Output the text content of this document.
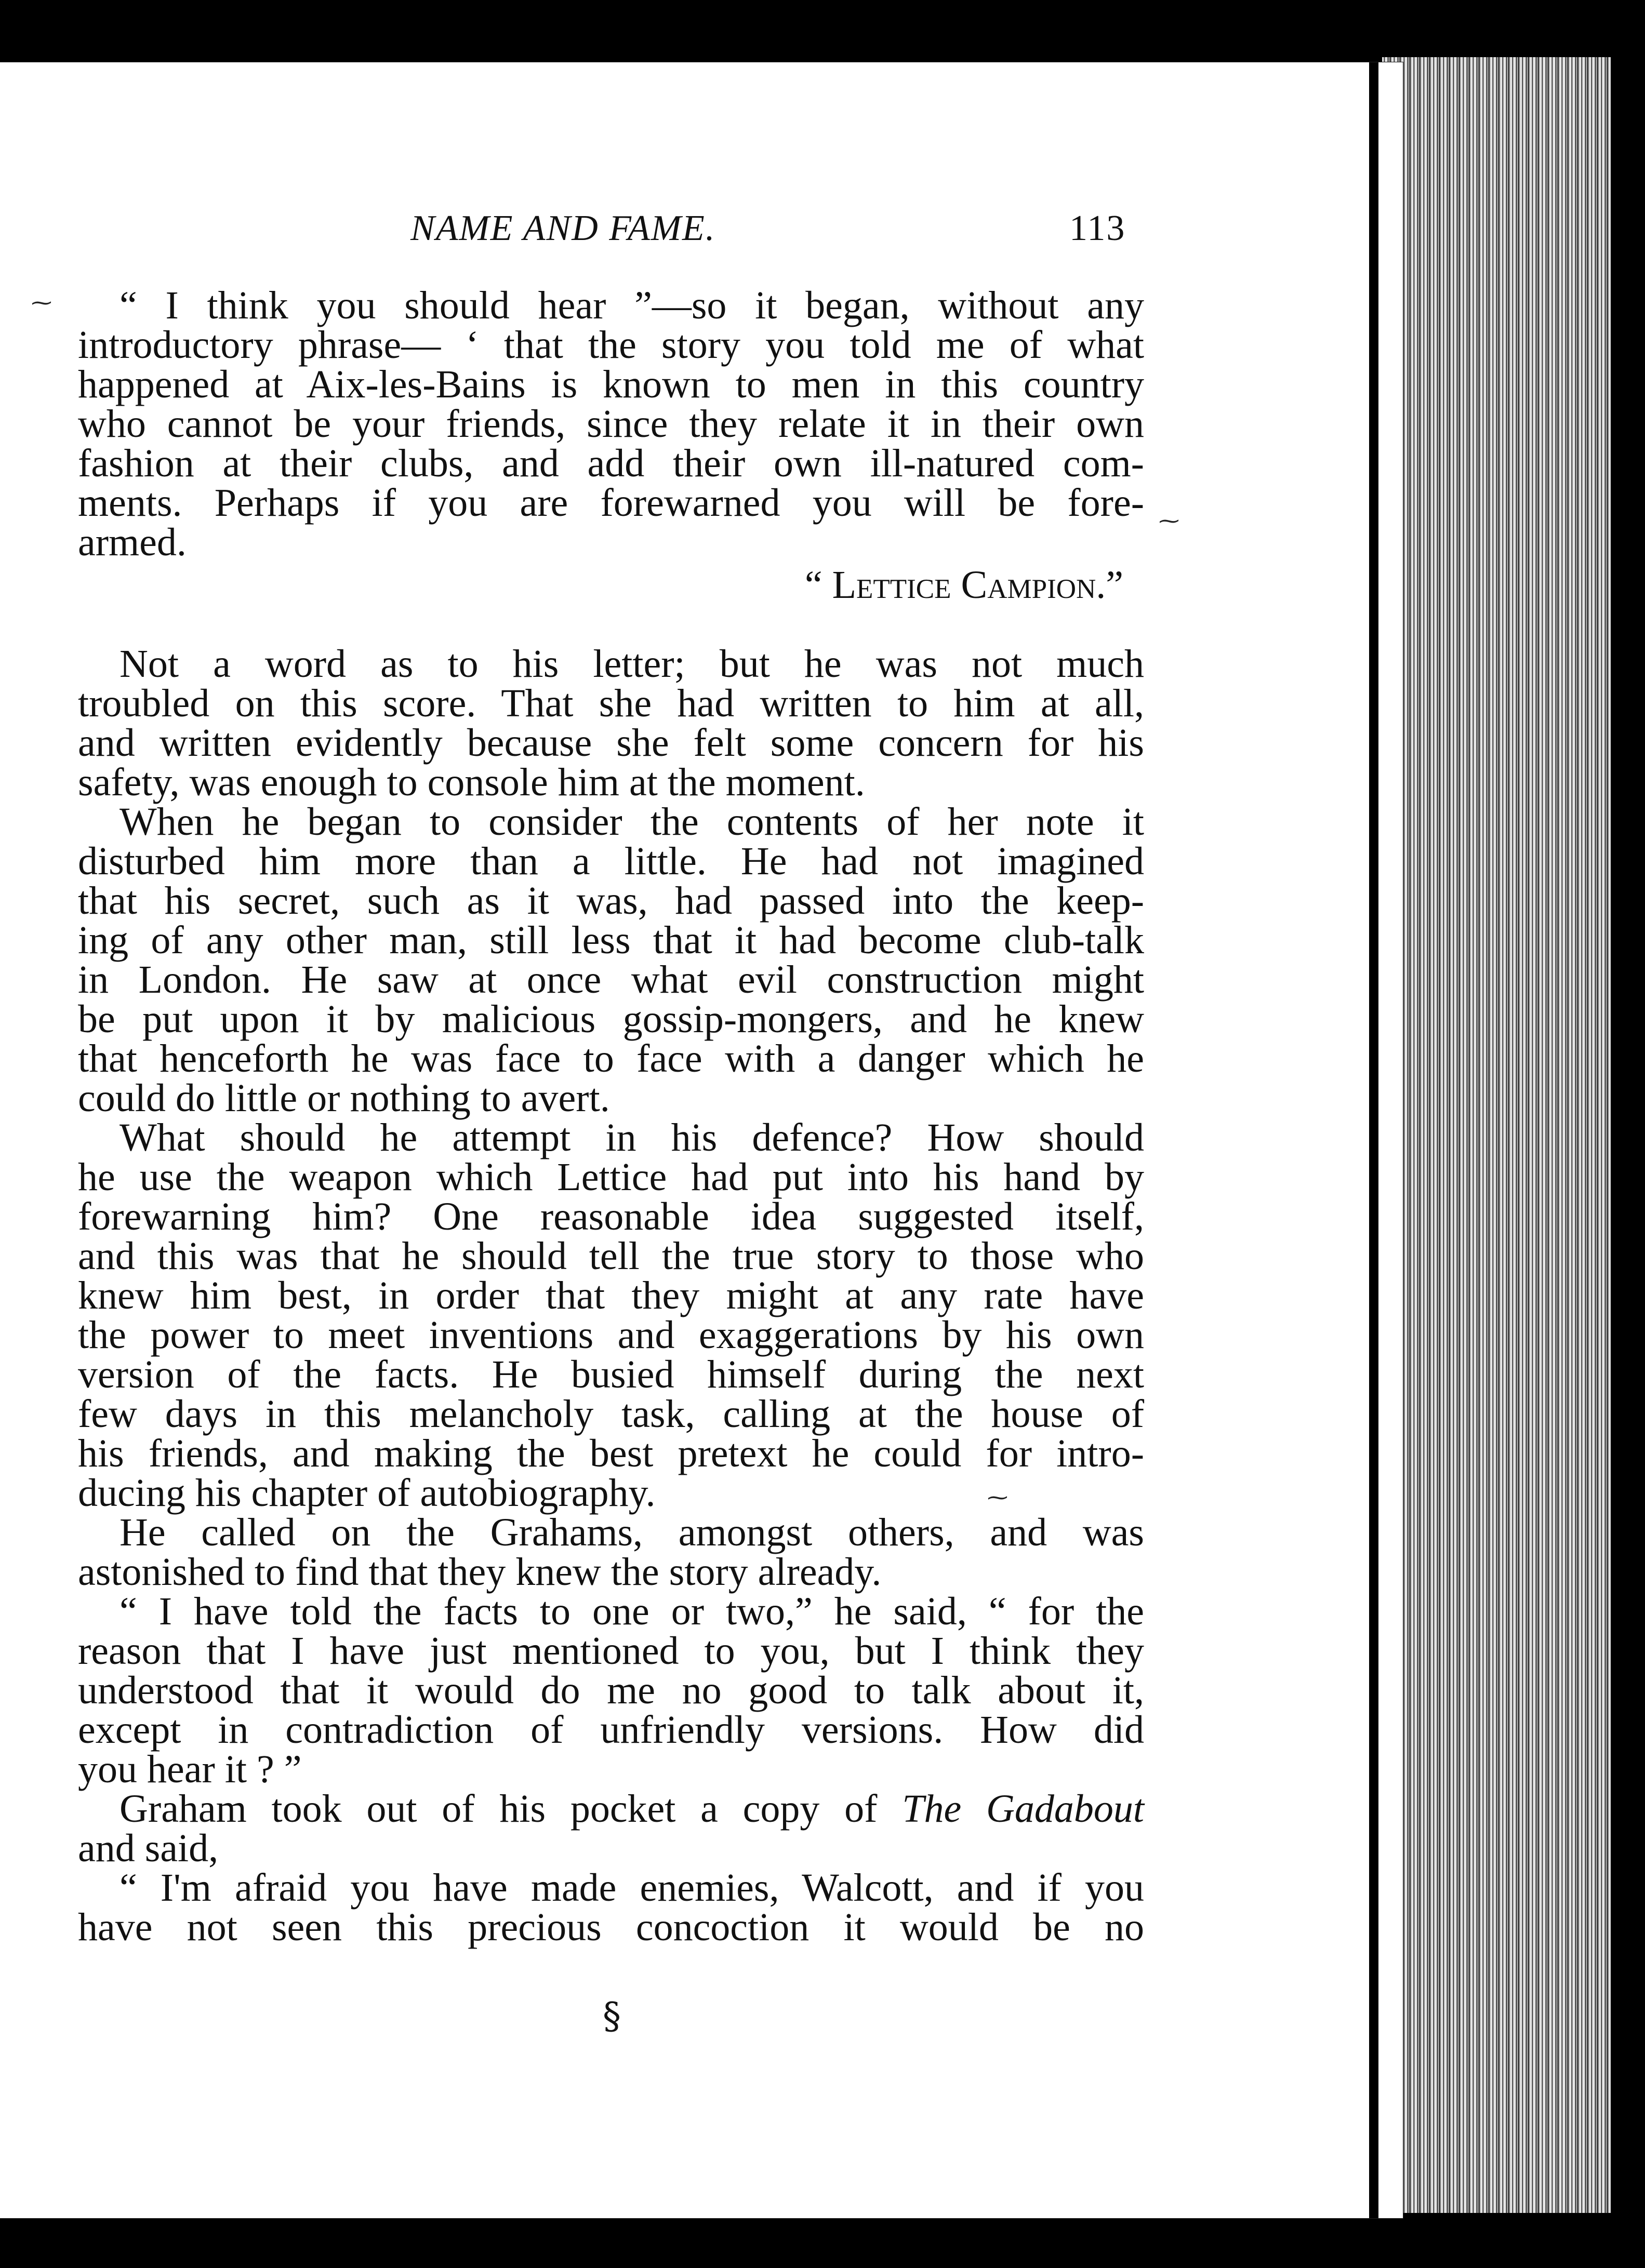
NAME AND FAME.	113
“ I think you should hear ”—so it began, without any
introductory phrase— ‘ that the story you told me of what
happened at Aix-les-Bains is known to men in this country
who cannot be your friends, since they relate it in their own
fashion at their clubs, and add their own ill-natured com-
ments. Perhaps if you are forewarned you will be fore-
armed.
“ Lettice Campion.”
Not a word as to his letter; but he was not much
troubled on this score. That she had written to him at all,
and written evidently because she felt some concern for his
safety, was enough to console him at the moment.
When he began to consider the contents of her note it
disturbed him more than a little. He had not imagined
that his secret, such as it was, had passed into the keep-
ing of any other man, still less that it had become club-talk
in London. He saw at once what evil construction might
be put upon it by malicious gossip-mongers, and he knew
that henceforth he was face to face with a danger which he
could do little or nothing to avert.
What should he attempt in his defence? How should
he use the weapon which Lettice had put into his hand by
forewarning him? One reasonable idea suggested itself,
and this was that he should tell the true story to those who
knew him best, in order that they might at any rate have
the power to meet inventions and exaggerations by his own
version of the facts. He busied himself during the next
few days in this melancholy task, calling at the house of
his friends, and making the best pretext he could for intro-
ducing his chapter of autobiography.
He called on the Grahams, amongst others, and was
astonished to find that they knew the story already.
“ I have told the facts to one or two,” he said, “ for the
reason that I have just mentioned to you, but I think they
understood that it would do me no good to talk about it,
except in contradiction of unfriendly versions. How did
you hear it ? ”
Graham took out of his pocket a copy of The Gadabout
and said,
“ I'm afraid you have made enemies, Walcott, and if you
have not seen this precious concoction it would be no
§
⁓
⁓
⁓
